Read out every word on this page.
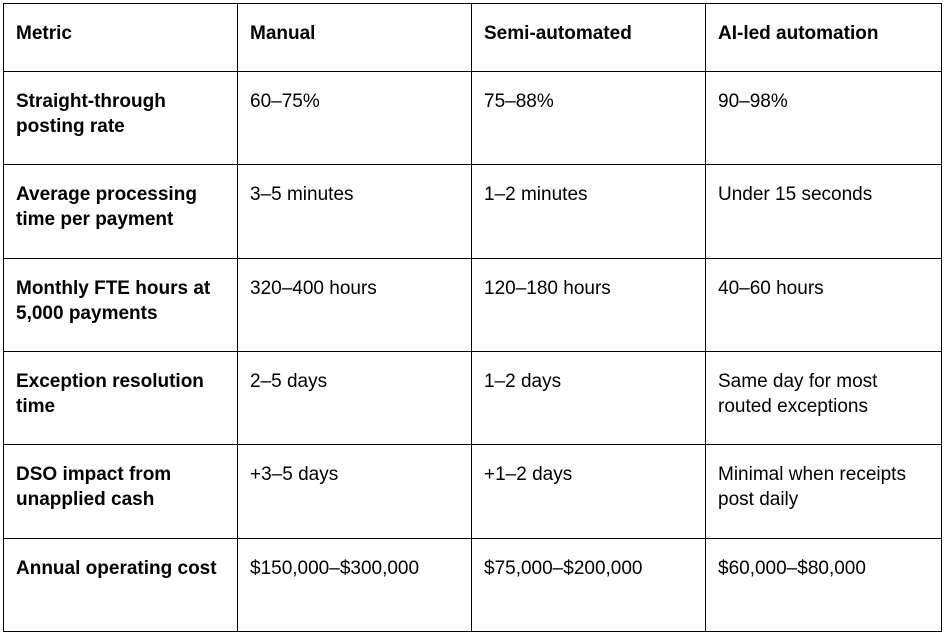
Metric	Manual	Semi-automated	AI-led automation
Straight-through posting rate	60–75%	75–88%	90–98%
Average processing time per payment	3–5 minutes	1–2 minutes	Under 15 seconds
Monthly FTE hours at 5,000 payments	320–400 hours	120–180 hours	40–60 hours
Exception resolution time	2–5 days	1–2 days	Same day for most routed exceptions
DSO impact from unapplied cash	+3–5 days	+1–2 days	Minimal when receipts post daily
Annual operating cost	$150,000–$300,000	$75,000–$200,000	$60,000–$80,000
